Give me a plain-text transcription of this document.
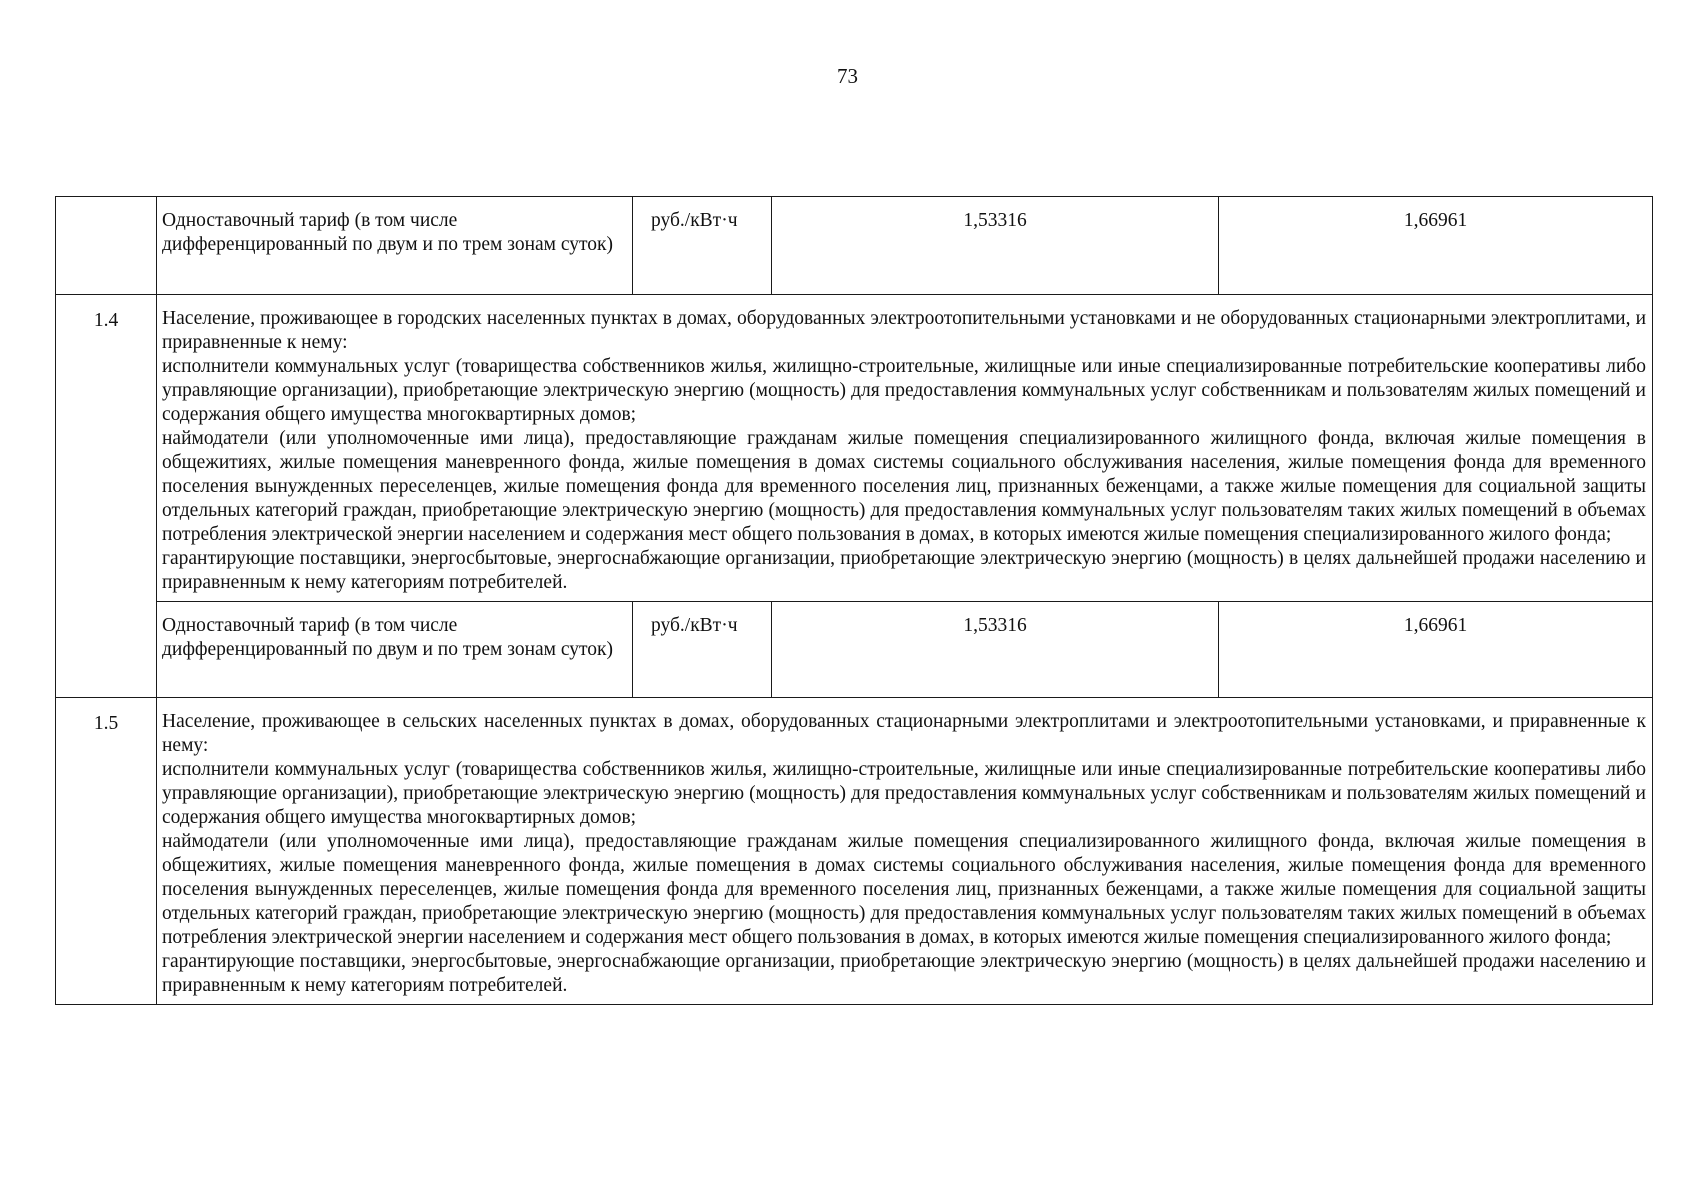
73
	Одноставочный тариф (в том числе дифференцированный по двум и по трем зонам суток)	руб./кВт·ч	1,53316	1,66961
1.4	Население, проживающее в городских населенных пунктах в домах, оборудованных электроотопительными установками и не оборудованных стационарными электроплитами, и приравненные к нему:

исполнители коммунальных услуг (товарищества собственников жилья, жилищно-строительные, жилищные или иные специализированные потребительские кооперативы либо управляющие организации), приобретающие электрическую энергию (мощность) для предоставления коммунальных услуг собственникам и пользователям жилых помещений и содержания общего имущества многоквартирных домов;

наймодатели (или уполномоченные ими лица), предоставляющие гражданам жилые помещения специализированного жилищного фонда, включая жилые помещения в общежитиях, жилые помещения маневренного фонда, жилые помещения в домах системы социального обслуживания населения, жилые помещения фонда для временного поселения вынужденных переселенцев, жилые помещения фонда для временного поселения лиц, признанных беженцами, а также жилые помещения для социальной защиты отдельных категорий граждан, приобретающие электрическую энергию (мощность) для предоставления коммунальных услуг пользователям таких жилых помещений в объемах потребления электрической энергии населением и содержания мест общего пользования в домах, в которых имеются жилые помещения специализированного жилого фонда;

гарантирующие поставщики, энергосбытовые, энергоснабжающие организации, приобретающие электрическую энергию (мощность) в целях дальнейшей продажи населению и приравненным к нему категориям потребителей.			

	Одноставочный тариф (в том числе дифференцированный по двум и по трем зонам суток)	руб./кВт·ч	1,53316	1,66961
1.5	Население, проживающее в сельских населенных пунктах в домах, оборудованных стационарными электроплитами и электроотопительными установками, и приравненные к нему:

исполнители коммунальных услуг (товарищества собственников жилья, жилищно-строительные, жилищные или иные специализированные потребительские кооперативы либо управляющие организации), приобретающие электрическую энергию (мощность) для предоставления коммунальных услуг собственникам и пользователям жилых помещений и содержания общего имущества многоквартирных домов;

наймодатели (или уполномоченные ими лица), предоставляющие гражданам жилые помещения специализированного жилищного фонда, включая жилые помещения в общежитиях, жилые помещения маневренного фонда, жилые помещения в домах системы социального обслуживания населения, жилые помещения фонда для временного поселения вынужденных переселенцев, жилые помещения фонда для временного поселения лиц, признанных беженцами, а также жилые помещения для социальной защиты отдельных категорий граждан, приобретающие электрическую энергию (мощность) для предоставления коммунальных услуг пользователям таких жилых помещений в объемах потребления электрической энергии населением и содержания мест общего пользования в домах, в которых имеются жилые помещения специализированного жилого фонда;

гарантирующие поставщики, энергосбытовые, энергоснабжающие организации, приобретающие электрическую энергию (мощность) в целях дальнейшей продажи населению и приравненным к нему категориям потребителей.			
